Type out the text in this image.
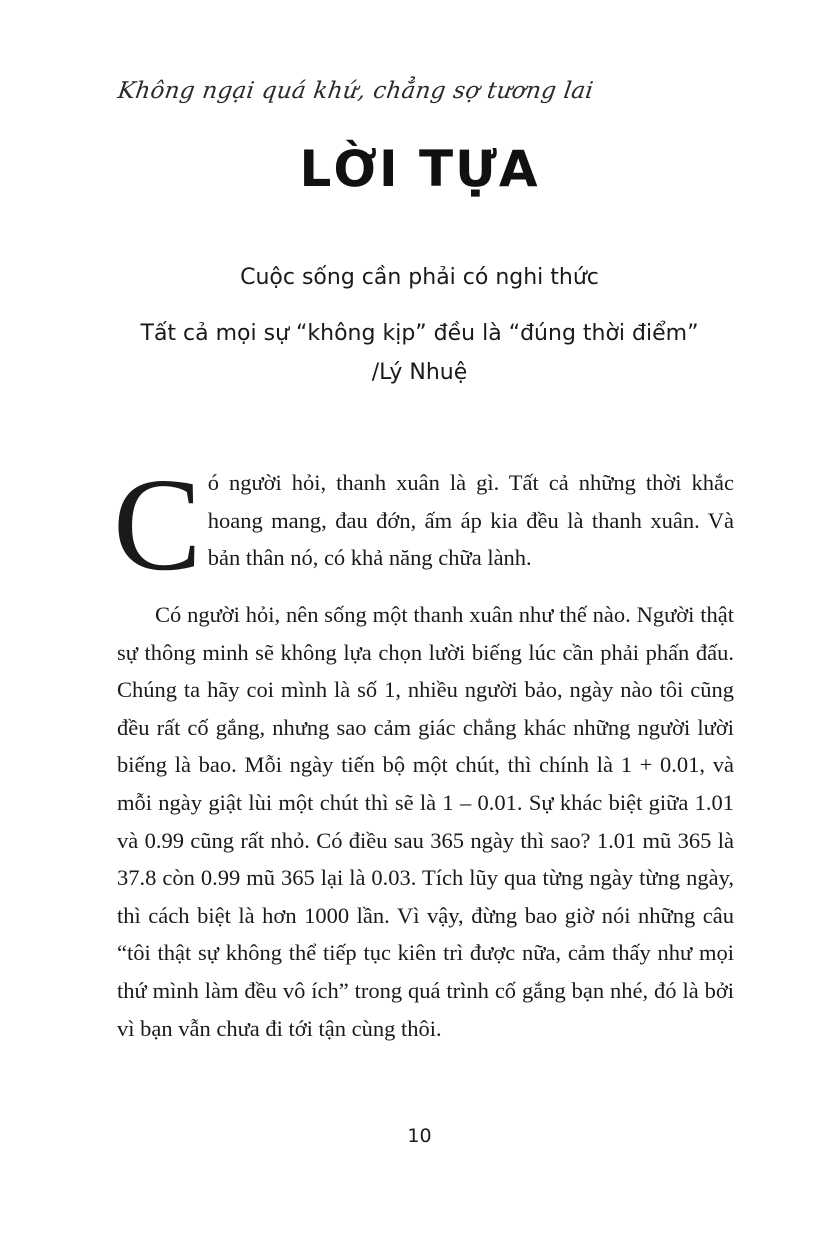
Không ngại quá khứ, chẳng sợ tương lai
LỜI TỰA
Cuộc sống cần phải có nghi thức
Tất cả mọi sự “không kịp” đều là “đúng thời điểm”
/Lý Nhuệ
C ó người hỏi, thanh xuân là gì. Tất cả những thời khắc hoang mang, đau đớn, ấm áp kia đều là thanh xuân. Và bản thân nó, có khả năng chữa lành.
Có người hỏi, nên sống một thanh xuân như thế nào. Người thật sự thông minh sẽ không lựa chọn lười biếng lúc cần phải phấn đấu. Chúng ta hãy coi mình là số 1, nhiều người bảo, ngày nào tôi cũng đều rất cố gắng, nhưng sao cảm giác chẳng khác những người lười biếng là bao. Mỗi ngày tiến bộ một chút, thì chính là 1 + 0.01, và mỗi ngày giật lùi một chút thì sẽ là 1 – 0.01. Sự khác biệt giữa 1.01 và 0.99 cũng rất nhỏ. Có điều sau 365 ngày thì sao? 1.01 mũ 365 là 37.8 còn 0.99 mũ 365 lại là 0.03. Tích lũy qua từng ngày từng ngày, thì cách biệt là hơn 1000 lần. Vì vậy, đừng bao giờ nói những câu “tôi thật sự không thể tiếp tục kiên trì được nữa, cảm thấy như mọi thứ mình làm đều vô ích” trong quá trình cố gắng bạn nhé, đó là bởi vì bạn vẫn chưa đi tới tận cùng thôi.
10
